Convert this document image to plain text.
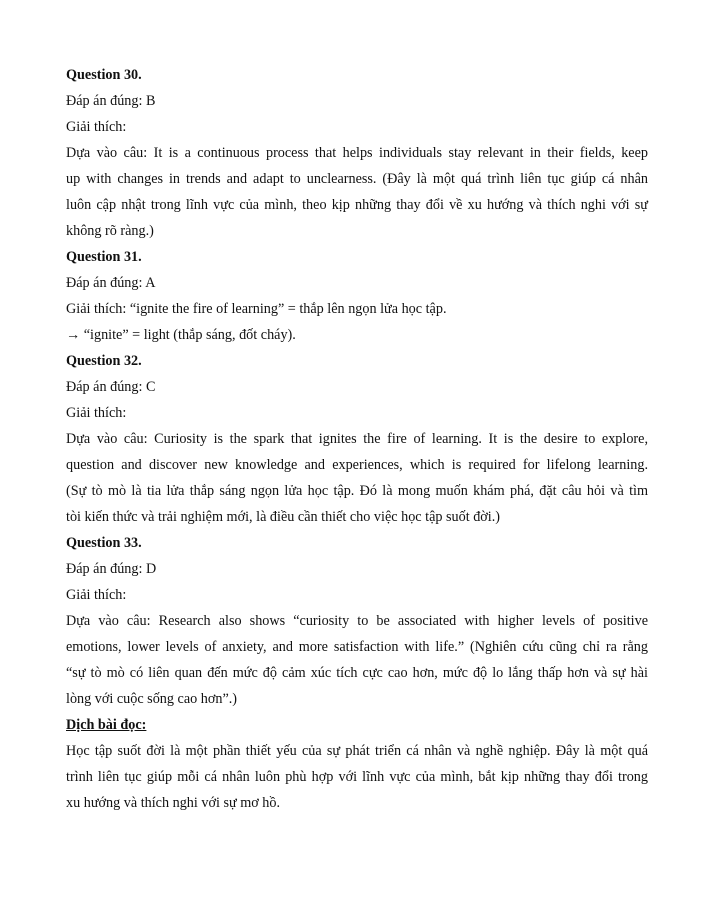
Question 30.
Đáp án đúng: B
Giải thích:
Dựa vào câu: It is a continuous process that helps individuals stay relevant in their fields, keep
up with changes in trends and adapt to unclearness. (Đây là một quá trình liên tục giúp cá nhân
luôn cập nhật trong lĩnh vực của mình, theo kịp những thay đổi về xu hướng và thích nghi với sự
không rõ ràng.)
Question 31.
Đáp án đúng: A
Giải thích: “ignite the fire of learning” = thắp lên ngọn lửa học tập.
→ “ignite” = light (thắp sáng, đốt cháy).
Question 32.
Đáp án đúng: C
Giải thích:
Dựa vào câu: Curiosity is the spark that ignites the fire of learning. It is the desire to explore,
question and discover new knowledge and experiences, which is required for lifelong learning.
(Sự tò mò là tia lửa thắp sáng ngọn lửa học tập. Đó là mong muốn khám phá, đặt câu hỏi và tìm
tòi kiến thức và trải nghiệm mới, là điều cần thiết cho việc học tập suốt đời.)
Question 33.
Đáp án đúng: D
Giải thích:
Dựa vào câu: Research also shows “curiosity to be associated with higher levels of positive
emotions, lower levels of anxiety, and more satisfaction with life.” (Nghiên cứu cũng chỉ ra rằng
“sự tò mò có liên quan đến mức độ cảm xúc tích cực cao hơn, mức độ lo lắng thấp hơn và sự hài
lòng với cuộc sống cao hơn”.)
Dịch bài đọc:
Học tập suốt đời là một phần thiết yếu của sự phát triển cá nhân và nghề nghiệp. Đây là một quá
trình liên tục giúp mỗi cá nhân luôn phù hợp với lĩnh vực của mình, bắt kịp những thay đổi trong
xu hướng và thích nghi với sự mơ hồ.
